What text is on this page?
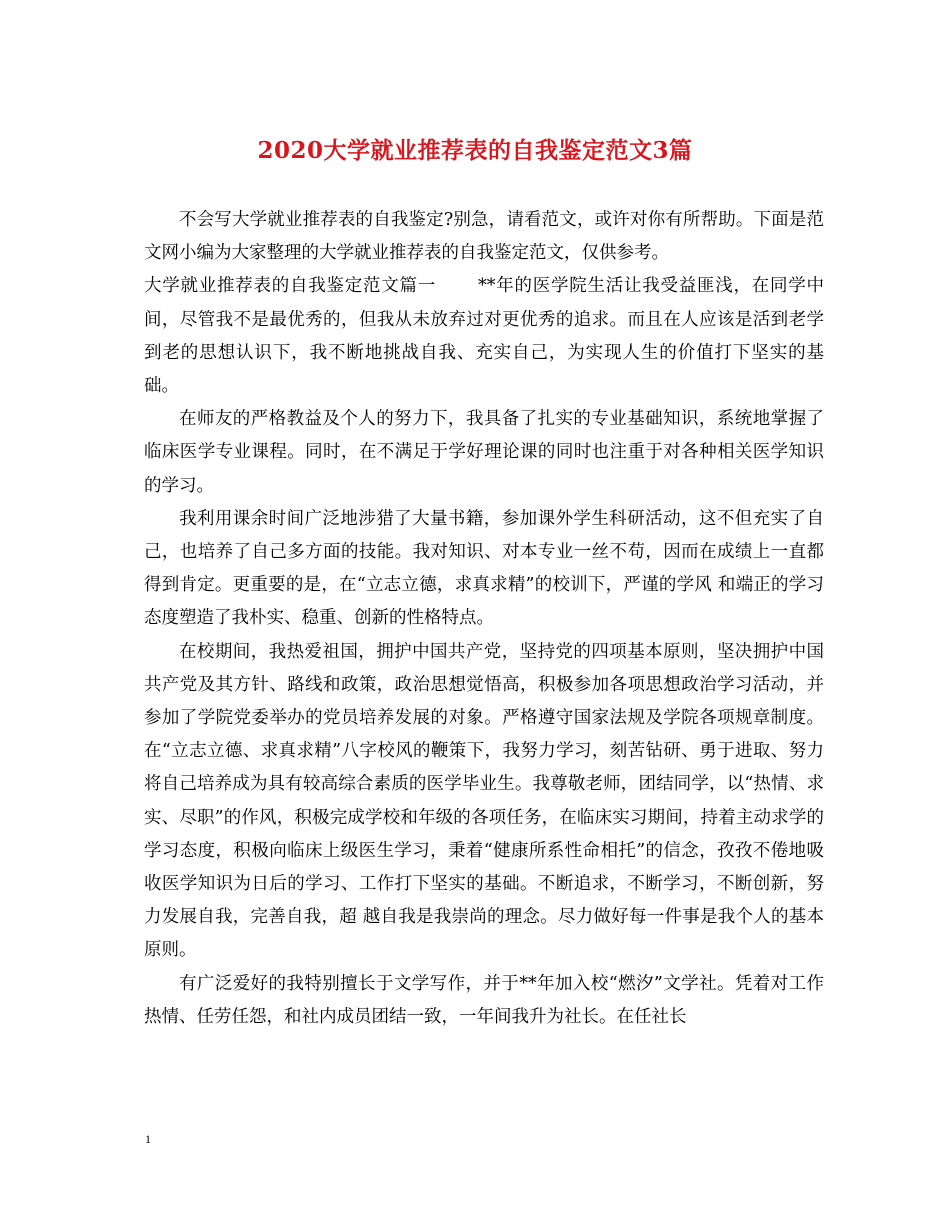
2020大学就业推荐表的自我鉴定范文3篇

不会写大学就业推荐表的自我鉴定?别急，请看范文，或许对你有所帮助。下面是范文网小编为大家整理的大学就业推荐表的自我鉴定范文，仅供参考。

大学就业推荐表的自我鉴定范文篇一 **年的医学院生活让我受益匪浅，在同学中间，尽管我不是最优秀的，但我从未放弃过对更优秀的追求。而且在人应该是活到老学到老的思想认识下，我不断地挑战自我、充实自己，为实现人生的价值打下坚实的基础。

在师友的严格教益及个人的努力下，我具备了扎实的专业基础知识，系统地掌握了临床医学专业课程。同时，在不满足于学好理论课的同时也注重于对各种相关医学知识的学习。

我利用课余时间广泛地涉猎了大量书籍，参加课外学生科研活动，这不但充实了自己，也培养了自己多方面的技能。我对知识、对本专业一丝不苟，因而在成绩上一直都得到肯定。更重要的是，在“立志立德，求真求精”的校训下，严谨的学风 和端正的学习态度塑造了我朴实、稳重、创新的性格特点。

在校期间，我热爱祖国，拥护中国共产党，坚持党的四项基本原则，坚决拥护中国 共产党及其方针、路线和政策，政治思想觉悟高，积极参加各项思想政治学习活动，并参加了学院党委举办的党员培养发展的对象。严格遵守国家法规及学院各项规章制度。在“立志立德、求真求精”八字校风的鞭策下，我努力学习，刻苦钻研、勇于进取、努力将自己培养成为具有较高综合素质的医学毕业生。我尊敬老师，团结同学，以“热情、求实、尽职”的作风，积极完成学校和年级的各项任务，在临床实习期间，持着主动求学的学习态度，积极向临床上级医生学习，秉着“健康所系性命相托”的信念，孜孜不倦地吸收医学知识为日后的学习、工作打下坚实的基础。不断追求，不断学习，不断创新，努力发展自我，完善自我，超 越自我是我崇尚的理念。尽力做好每一件事是我个人的基本原则。

有广泛爱好的我特别擅长于文学写作，并于**年加入校“燃汐”文学社。凭着对工作 热情、任劳任怨，和社内成员团结一致，一年间我升为社长。在任社长

1
